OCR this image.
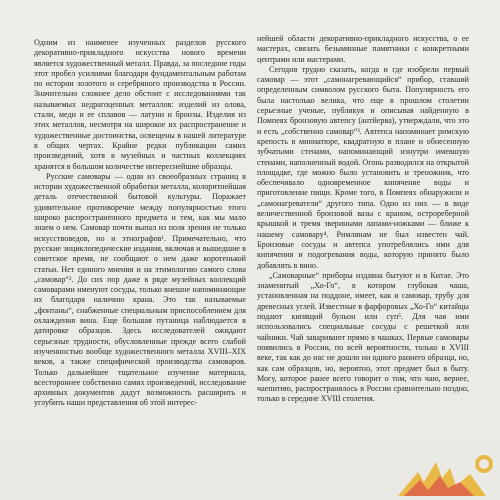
Одним из наименее изученных разделов русского декоративно-прикладного искусства нового времени является художественный металл. Правда, за последние годы этот пробел усилиями благодаря фундаментальным работам по истории золотого и серебряного производства в России. Значительно сложнее дело обстоит с исследованиями так называемых недрагоценных металлов: изделий из олова, стали, меди и ее сплавов — латуни и бронзы. Изделия из этих металлов, несмотря на широкое их распространение и художественные достоинства, освещены в нашей литературе в общих чертах. Крайне редки публикации самих произведений, хотя в музейных и частных коллекциях хранятся в большом количестве интереснейшие образцы.

Русские самовары — одни из своеобразных страниц в истории художественной обработки металла, колоритнейшая деталь отечественной бытовой культуры. Поражает удивительное противоречие между популярностью этого широко распространенного предмета и тем, как мы мало знаем о нем. Самовар почти выпал из поля зрения не только искусствоведов, но и этнографов¹. Примечательно, что русские энциклопедические издания, включая и вышедшие в советское время, не сообщают о нем даже коротенькой статьи. Нет единого мнения и на этимологию самого слова „самовар“². До сих пор даже в ряде музейных коллекций самоварами именуют сосуды, только внешне напоминающие их благодаря наличию крана. Это так называемые „фонтаны“, снабженные специальным приспособлением для охлаждения вина. Еще большая путаница наблюдается в датировке образцов. Здесь исследователей ожидают серьезные трудности, обусловленные прежде всего слабой изученностью вообще художественного металла XVIII–XIX веков, а также специфической производства самоваров. Только дальнейшее тщательное изучение материала, всестороннее собственно самих произведений, исследование архивных документов дадут возможность расширить и углубить наши представления об этой интерес-

нейшей области декоративно-прикладного искусства, о ее мастерах, связать безымянные памятники с конкретными центрами или мастерами.

Сегодня трудно сказать, когда и где изобрели первый самовар — этот „самонагревающийся“ прибор, ставший определенным символом русского быта. Популярность его была настолько велика, что еще в прошлом столетии серьезные ученые, публикуя и описывая найденную в Помпеях бронзовую автепсу (антйерва), утверждали, что это и есть „собственно самовар“³. Автепса напоминает римскую крепость в миниатюре, квадратную в плане и обнесенную зубчатыми стенами, напоминающий изнутри имевшую стенами, наполненный водой. Огонь разводился на открытой площадке, где можно было установить и треножник, что обеспечивало одновременное кипячение воды и приготовление пищи. Кроме того, в Помпеях обнаружили и „самонагреватели“ другого типа. Одно из них — в виде величественной бронзовой вазы с краном, острореберной крышкой и тремя звериными лапами-ножками — ближе к нашему самовару⁴. Римлянам не был известен чай. Бронзовые сосуды и автепса употреблялись ими для кипячения и подогревания воды, которую принято было добавлять в вино.

„Самоварные“ приборы издавна бытуют и в Китае. Это знаменитый „Хо-Го“, в котором глубокая чаша, установленная на поддоне, имеет, как и самовар, трубу для древесных углей. Известные в фарфоровых „Хо-Го“ китайцы подают кипящий бульон или суп⁵. Для чая ими использовались специальные сосуды с решеткой или чайники. Чай заваривают прямо в чашках. Первые самовары появились в России, по всей вероятности, только в XVIII веке, так как до нас не дошло ни одного раннего образца, но, как сам образцов, но, вероятно, этот предмет был в быту. Могу, которое ранее всего говорит о том, что чаю, вернее, чаепитию, распространялось в России сравнительно поздно, только в середине XVIII столетия.
